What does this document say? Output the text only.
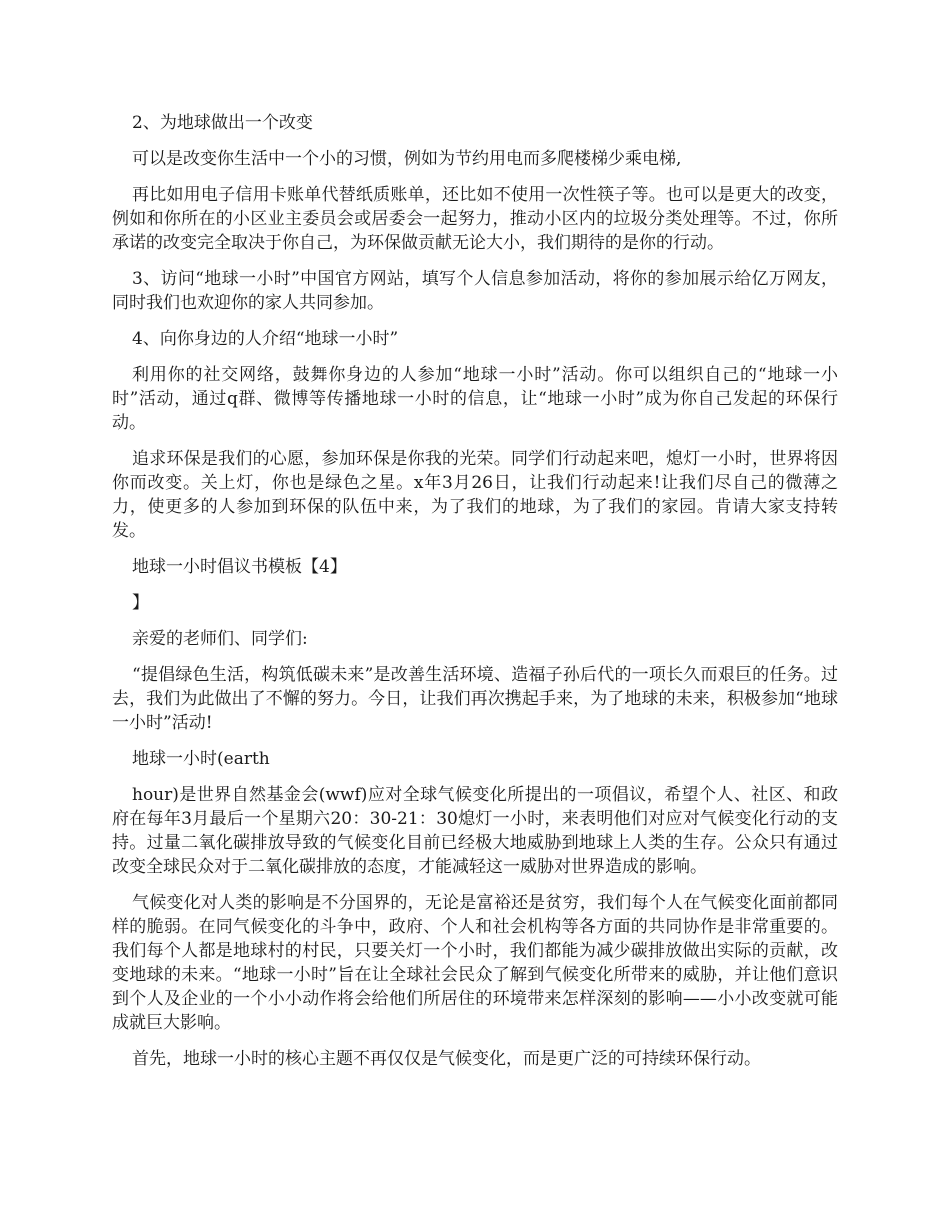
2、为地球做出一个改变

可以是改变你生活中一个小的习惯，例如为节约用电而多爬楼梯少乘电梯,

再比如用电子信用卡账单代替纸质账单，还比如不使用一次性筷子等。也可以是更大的改变，例如和你所在的小区业主委员会或居委会一起努力，推动小区内的垃圾分类处理等。不过，你所承诺的改变完全取决于你自己，为环保做贡献无论大小，我们期待的是你的行动。

3、访问“地球一小时”中国官方网站，填写个人信息参加活动，将你的参加展示给亿万网友，同时我们也欢迎你的家人共同参加。

4、向你身边的人介绍“地球一小时”

利用你的社交网络，鼓舞你身边的人参加“地球一小时”活动。你可以组织自己的“地球一小时”活动，通过q群、微博等传播地球一小时的信息，让“地球一小时”成为你自己发起的环保行动。

追求环保是我们的心愿，参加环保是你我的光荣。同学们行动起来吧，熄灯一小时，世界将因你而改变。关上灯，你也是绿色之星。x年3月26日，让我们行动起来!让我们尽自己的微薄之力，使更多的人参加到环保的队伍中来，为了我们的地球，为了我们的家园。肯请大家支持转发。

地球一小时倡议书模板【4】

】

亲爱的老师们、同学们:

“提倡绿色生活，构筑低碳未来”是改善生活环境、造福子孙后代的一项长久而艰巨的任务。过去，我们为此做出了不懈的努力。今日，让我们再次携起手来，为了地球的未来，积极参加“地球一小时”活动!

地球一小时(earth

hour)是世界自然基金会(wwf)应对全球气候变化所提出的一项倡议，希望个人、社区、和政府在每年3月最后一个星期六20：30-21：30熄灯一小时，来表明他们对应对气候变化行动的支持。过量二氧化碳排放导致的气候变化目前已经极大地威胁到地球上人类的生存。公众只有通过改变全球民众对于二氧化碳排放的态度，才能减轻这一威胁对世界造成的影响。

气候变化对人类的影响是不分国界的，无论是富裕还是贫穷，我们每个人在气候变化面前都同样的脆弱。在同气候变化的斗争中，政府、个人和社会机构等各方面的共同协作是非常重要的。我们每个人都是地球村的村民，只要关灯一个小时，我们都能为减少碳排放做出实际的贡献，改变地球的未来。“地球一小时”旨在让全球社会民众了解到气候变化所带来的威胁，并让他们意识到个人及企业的一个小小动作将会给他们所居住的环境带来怎样深刻的影响——小小改变就可能成就巨大影响。

首先，地球一小时的核心主题不再仅仅是气候变化，而是更广泛的可持续环保行动。
